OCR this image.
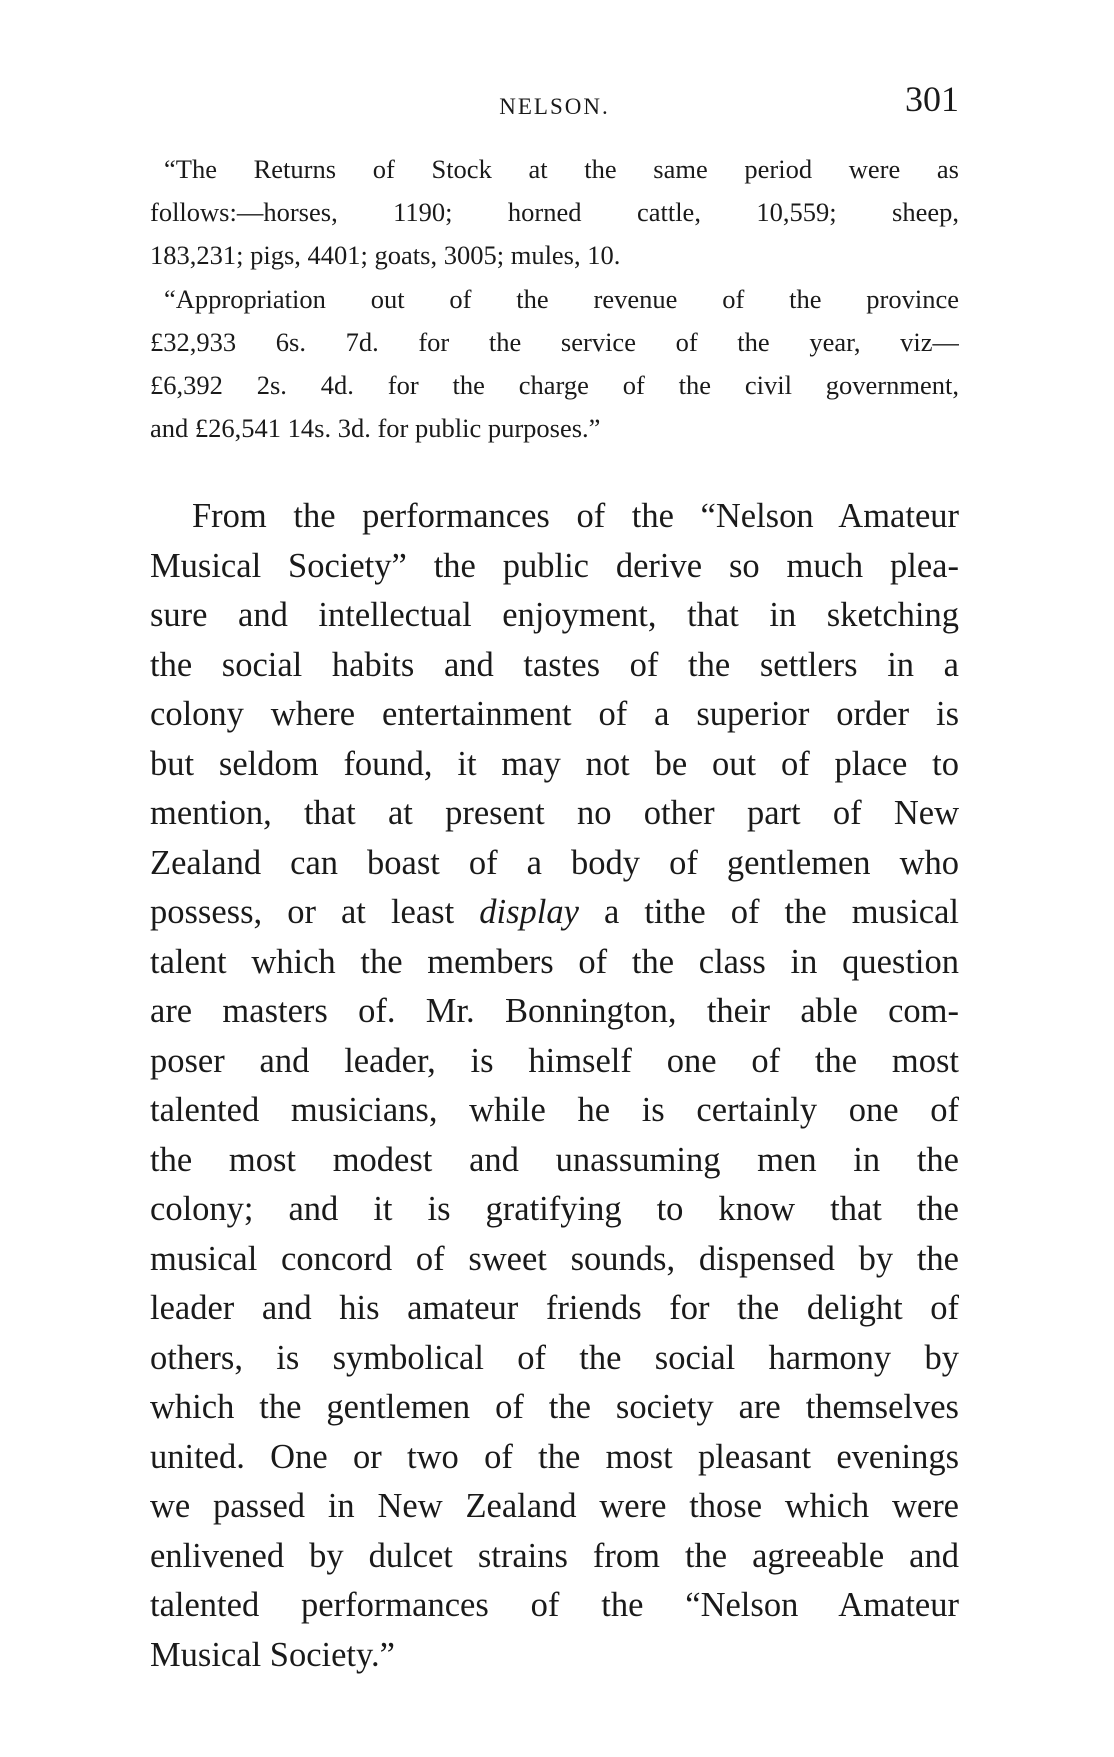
NELSON.	301
“The Returns of Stock at the same period were as
follows:—horses, 1190; horned cattle, 10,559; sheep,
183,231; pigs, 4401; goats, 3005; mules, 10.
“Appropriation out of the revenue of the province
£32,933 6s. 7d. for the service of the year, viz—
£6,392 2s. 4d. for the charge of the civil government,
and £26,541 14s. 3d. for public purposes.”
From the performances of the “Nelson Amateur
Musical Society” the public derive so much plea-
sure and intellectual enjoyment, that in sketching
the social habits and tastes of the settlers in a
colony where entertainment of a superior order is
but seldom found, it may not be out of place to
mention, that at present no other part of New
Zealand can boast of a body of gentlemen who
possess, or at least display a tithe of the musical
talent which the members of the class in question
are masters of. Mr. Bonnington, their able com-
poser and leader, is himself one of the most
talented musicians, while he is certainly one of
the most modest and unassuming men in the
colony; and it is gratifying to know that the
musical concord of sweet sounds, dispensed by the
leader and his amateur friends for the delight of
others, is symbolical of the social harmony by
which the gentlemen of the society are themselves
united. One or two of the most pleasant evenings
we passed in New Zealand were those which were
enlivened by dulcet strains from the agreeable and
talented performances of the “Nelson Amateur
Musical Society.”
